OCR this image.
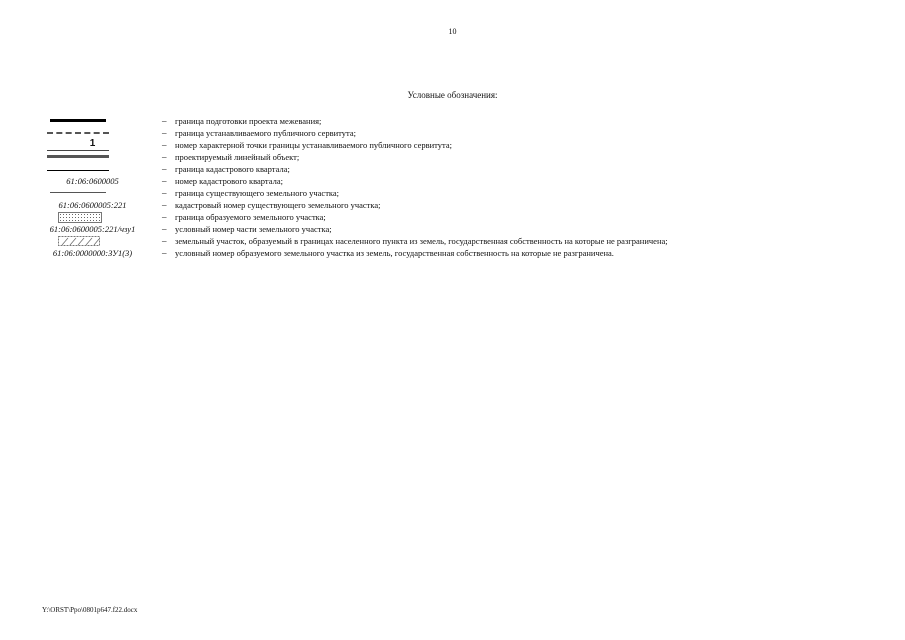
10
Условные обозначения:
– граница подготовки проекта межевания;
– граница устанавливаемого публичного сервитута;
1	– номер характерной точки границы устанавливаемого публичного сервитута;
– проектируемый линейный объект;
– граница кадастрового квартала;
61:06:0600005	– номер кадастрового квартала;
– граница существующего земельного участка;
61:06:0600005:221	– кадастровый номер существующего земельного участка;
– граница образуемого земельного участка;
61:06:0600005:221/чзу1	– условный номер части земельного участка;
– земельный участок, образуемый в границах населенного пункта из земель, государственная собственность на которые не разграничена;
61:06:0000000:ЗУ1(3)	– условный номер образуемого земельного участка из земель, государственная собственность на которые не разграничена.
Y:\ORST\Ppo\0801p647.f22.docx
